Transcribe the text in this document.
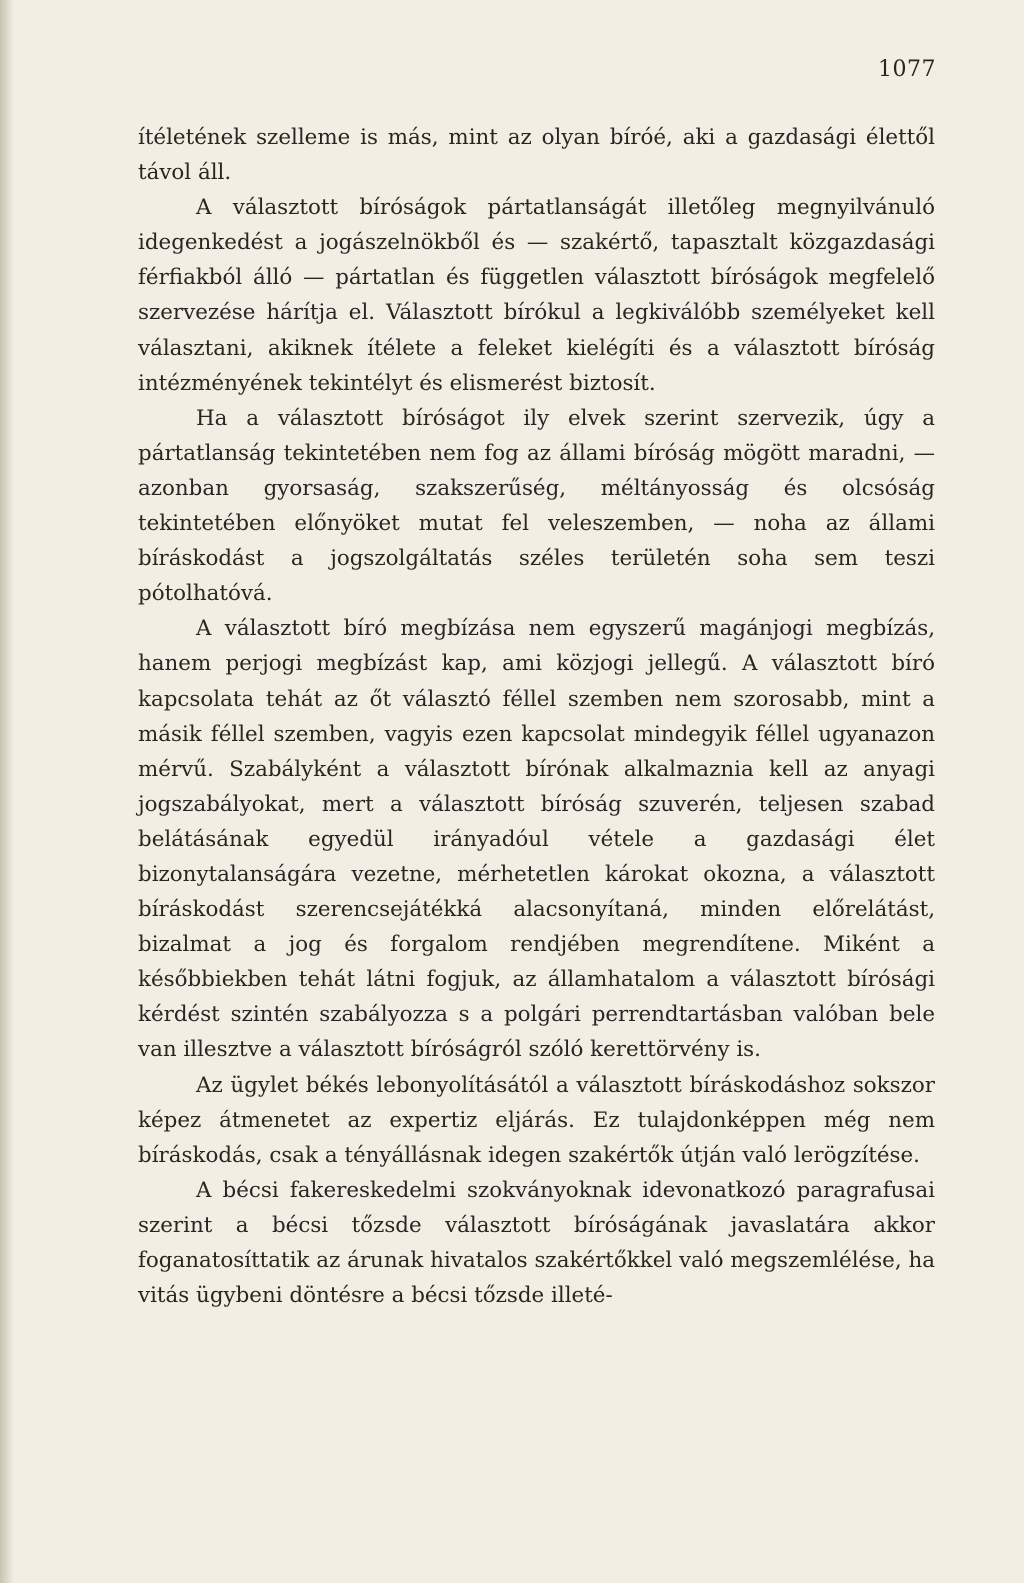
1077

ítéletének szelleme is más, mint az olyan bíróé, aki a gazdasági élettől távol áll.

A választott bíróságok pártatlanságát illetőleg megnyilvánuló idegenkedést a jogászelnökből és — szakértő, tapasztalt közgazdasági férfiakból álló — pártatlan és független választott bíróságok megfelelő szervezése hárítja el. Választott bírókul a legkiválóbb személyeket kell választani, akiknek ítélete a feleket kielégíti és a választott bíróság intézményének tekintélyt és elismerést biztosít.

Ha a választott bíróságot ily elvek szerint szervezik, úgy a pártatlanság tekintetében nem fog az állami bíróság mögött maradni, — azonban gyorsaság, szakszerűség, méltányosság és olcsóság tekintetében előnyöket mutat fel veleszemben, — noha az állami bíráskodást a jogszolgáltatás széles területén soha sem teszi pótolhatóvá.

A választott bíró megbízása nem egyszerű magánjogi megbízás, hanem perjogi megbízást kap, ami közjogi jellegű. A választott bíró kapcsolata tehát az őt választó féllel szemben nem szorosabb, mint a másik féllel szemben, vagyis ezen kapcsolat mindegyik féllel ugyanazon mérvű. Szabályként a választott bírónak alkalmaznia kell az anyagi jogszabályokat, mert a választott bíróság szuverén, teljesen szabad belátásának egyedül irányadóul vétele a gazdasági élet bizonytalanságára vezetne, mérhetetlen károkat okozna, a választott bíráskodást szerencsejátékká alacsonyítaná, minden előrelátást, bizalmat a jog és forgalom rendjében megrendítene. Miként a későbbiekben tehát látni fogjuk, az államhatalom a választott bírósági kérdést szintén szabályozza s a polgári perrendtartásban valóban bele van illesztve a választott bíróságról szóló kerettörvény is.

Az ügylet békés lebonyolításától a választott bíráskodáshoz sokszor képez átmenetet az expertiz eljárás. Ez tulajdonképpen még nem bíráskodás, csak a tényállásnak idegen szakértők útján való lerögzítése.

A bécsi fakereskedelmi szokványoknak idevonatkozó paragrafusai szerint a bécsi tőzsde választott bíróságának javaslatára akkor foganatosíttatik az árunak hivatalos szakértőkkel való megszemlélése, ha vitás ügybeni döntésre a bécsi tőzsde illeté-
